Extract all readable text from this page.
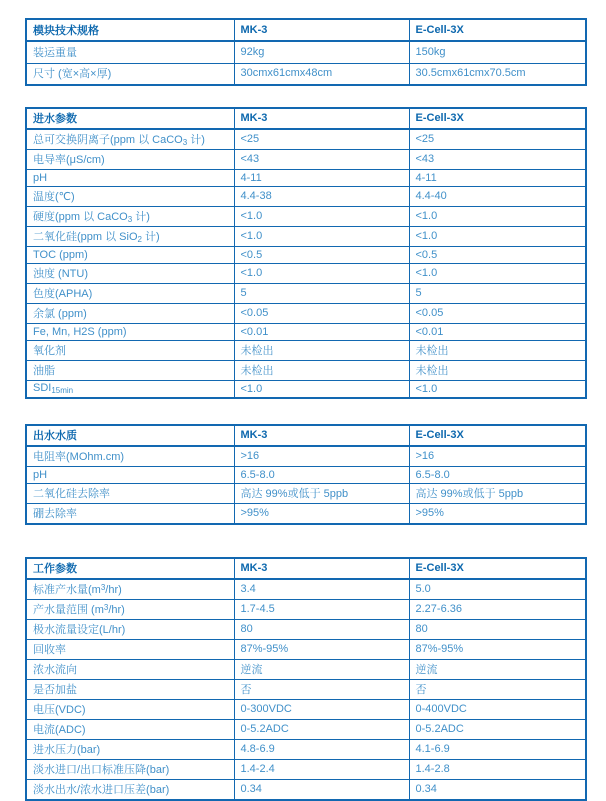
模块技术规格	MK-3	E-Cell-3X
装运重量	92kg	150kg
尺寸 (宽×高×厚)	30cmx61cmx48cm	30.5cmx61cmx70.5cm
进水参数	MK-3	E-Cell-3X
总可交换阴离子(ppm 以 CaCO$_3$ 计)	<25	<25
电导率(μS/cm)	<43	<43
pH	4-11	4-11
温度(℃)	4.4-38	4.4-40
硬度(ppm 以 CaCO$_3$ 计)	<1.0	<1.0
二氧化硅(ppm 以 SiO$_2$ 计)	<1.0	<1.0
TOC (ppm)	<0.5	<0.5
浊度 (NTU)	<1.0	<1.0
色度(APHA)	5	5
余氯 (ppm)	<0.05	<0.05
Fe, Mn, H2S (ppm)	<0.01	<0.01
氧化剂	未检出	未检出
油脂	未检出	未检出
$SDI_{15min}$	<1.0	<1.0
出水水质	MK-3	E-Cell-3X
电阻率(MOhm.cm)	>16	>16
pH	6.5-8.0	6.5-8.0
二氧化硅去除率	高达 99%或低于 5ppb	高达 99%或低于 5ppb
硼去除率	>95%	>95%
工作参数	MK-3	E-Cell-3X
标准产水量$(m^3/hr)$	3.4	5.0
产水量范围 $(m^3/hr)$	1.7-4.5	2.27-6.36
极水流量设定(L/hr)	80	80
回收率	87%-95%	87%-95%
浓水流向	逆流	逆流
是否加盐	否	否
电压(VDC)	0-300VDC	0-400VDC
电流(ADC)	0-5.2ADC	0-5.2ADC
进水压力(bar)	4.8-6.9	4.1-6.9
淡水进口/出口标准压降(bar)	1.4-2.4	1.4-2.8
淡水出水/浓水进口压差(bar)	0.34	0.34
